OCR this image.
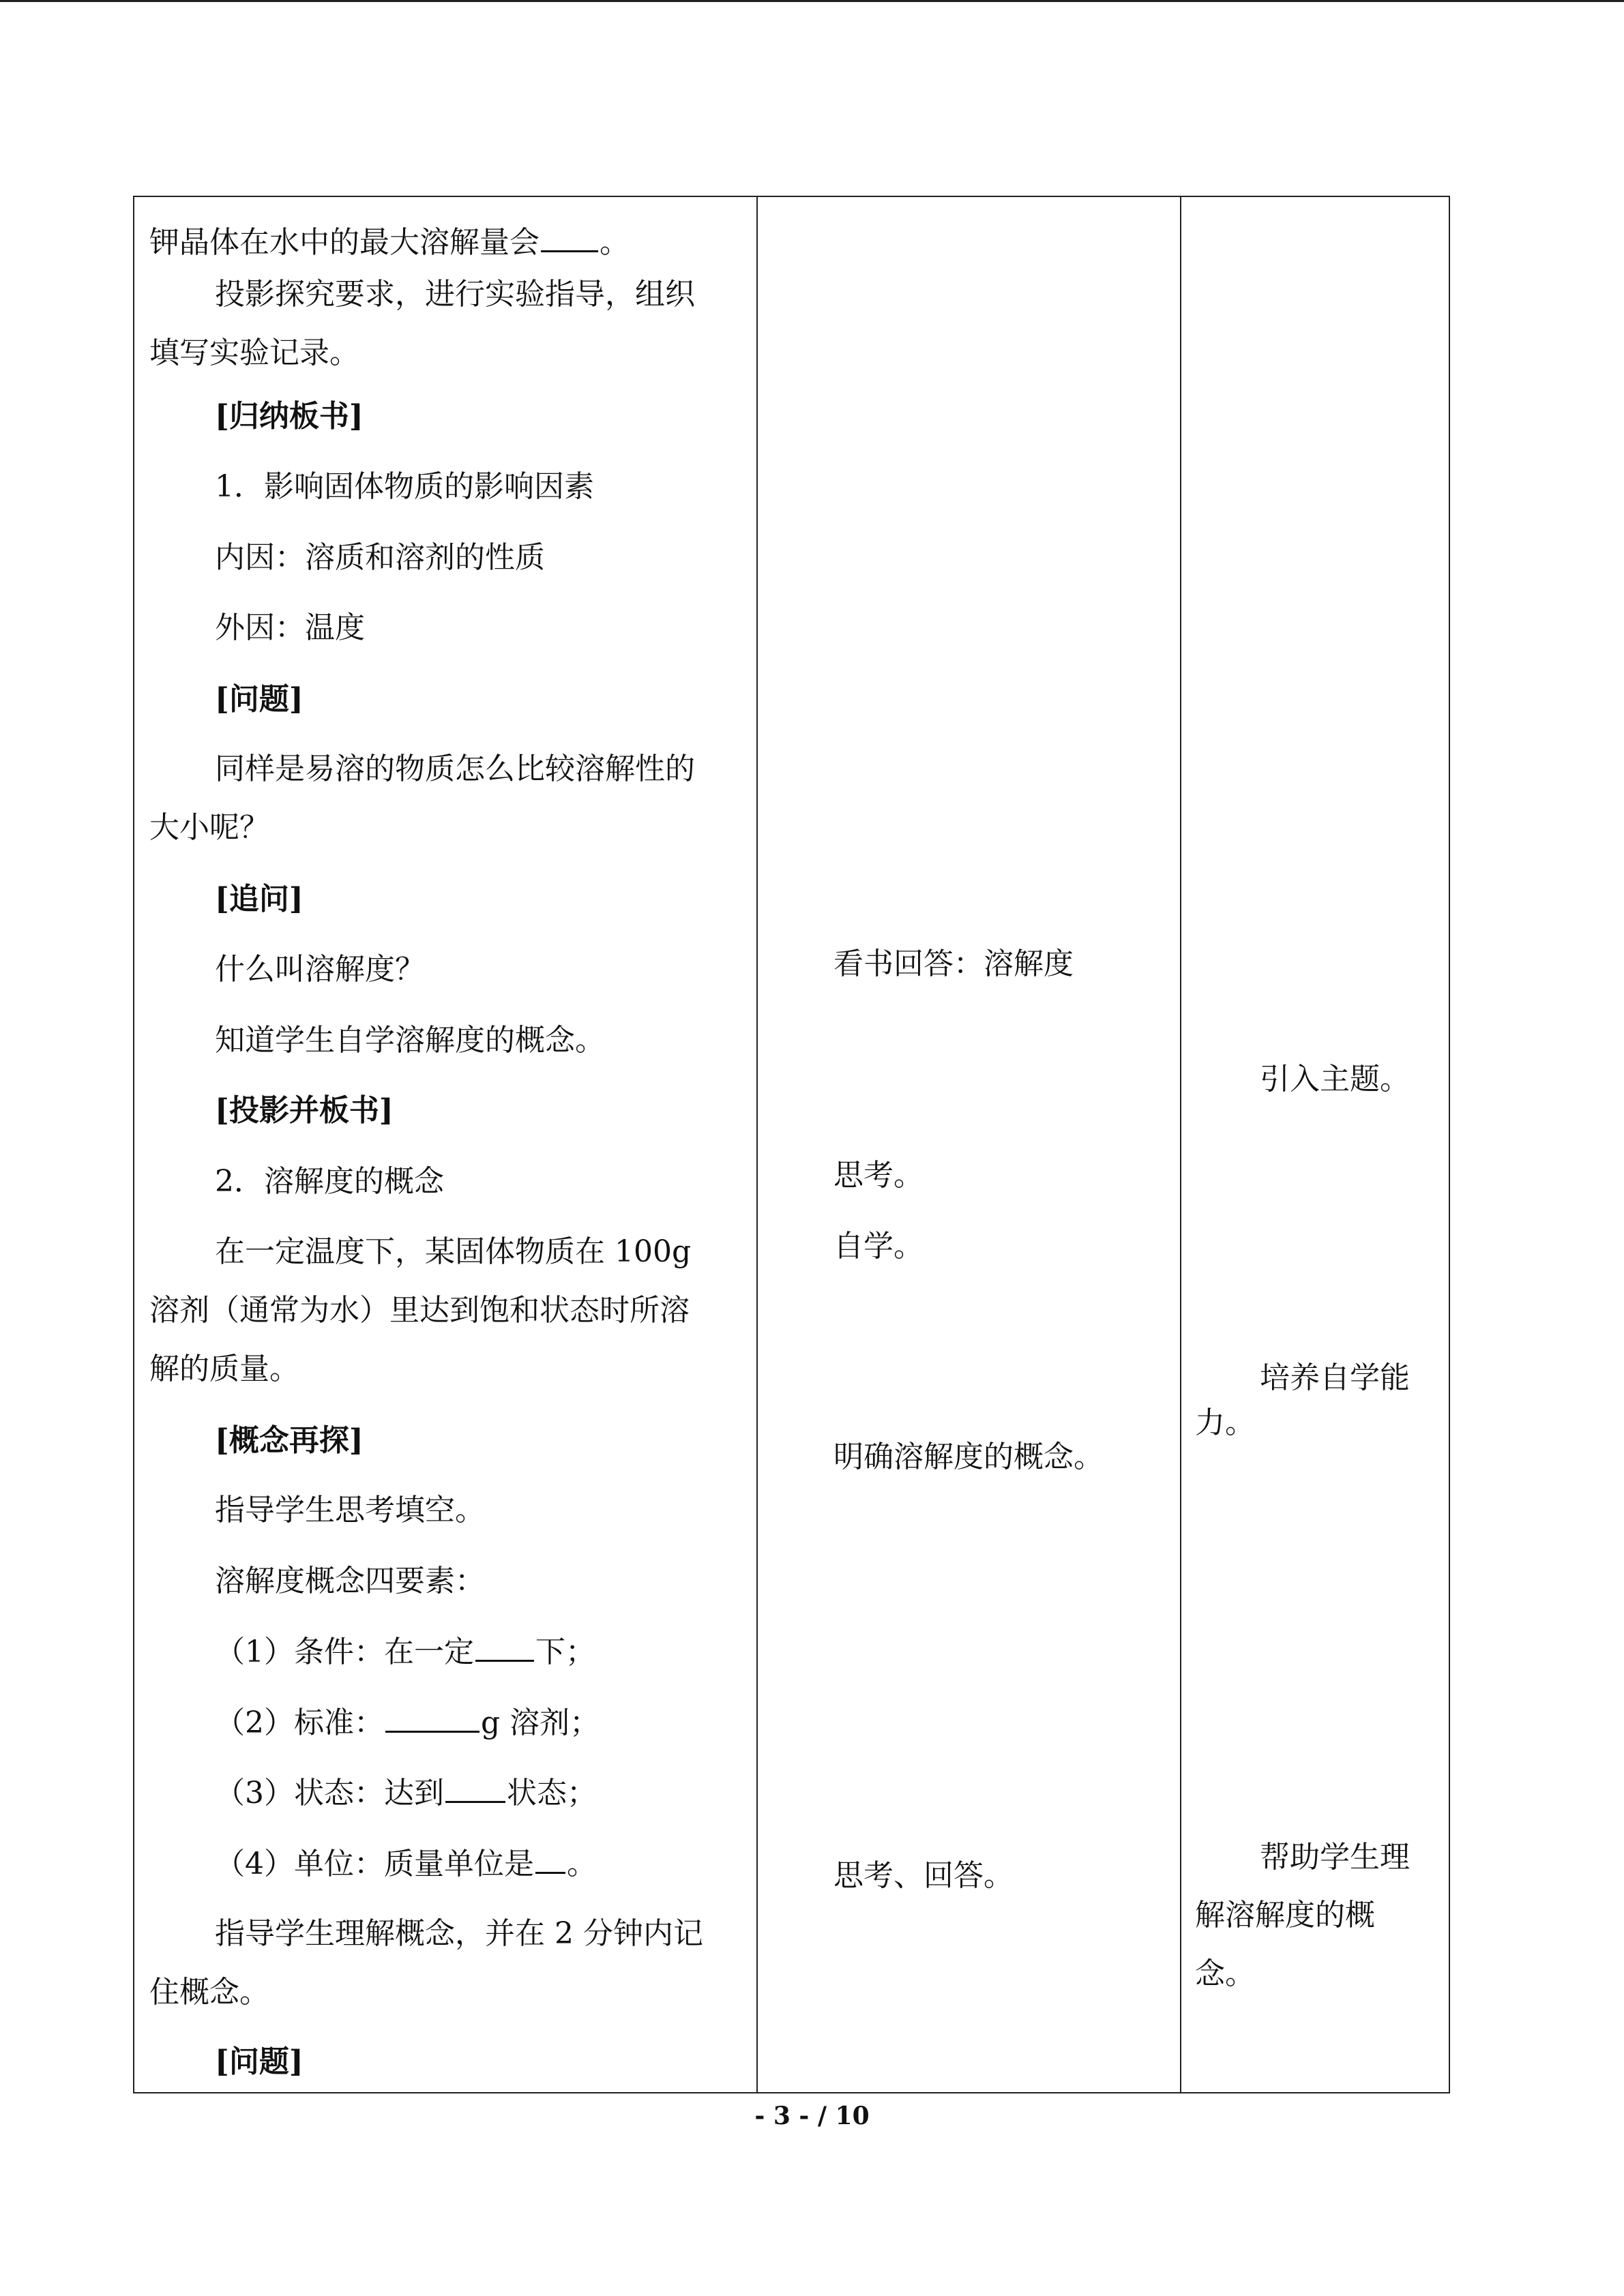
钾晶体在水中的最大溶解量会 。
投影探究要求，进行实验指导，组织
填写实验记录。
[归纳板书]
1．影响固体物质的影响因素
内因：溶质和溶剂的性质
外因：温度
[问题]
同样是易溶的物质怎么比较溶解性的
大小呢？
[追问]
什么叫溶解度？
知道学生自学溶解度的概念。
[投影并板书]
2．溶解度的概念
在一定温度下，某固体物质在 100g
溶剂（通常为水）里达到饱和状态时所溶
解的质量。
[概念再探]
指导学生思考填空。
溶解度概念四要素：
（1）条件：在一定 下；
（2）标准：	g 溶剂；
（3）状态：达到 状态；
（4）单位：质量单位是 。
指导学生理解概念，并在 2 分钟内记
住概念。
[问题]
看书回答：溶解度
思考。
自学。
明确溶解度的概念。
思考、回答。
引入主题。
培养自学能
力。
帮助学生理
解溶解度的概
念。
- 3 - / 10
